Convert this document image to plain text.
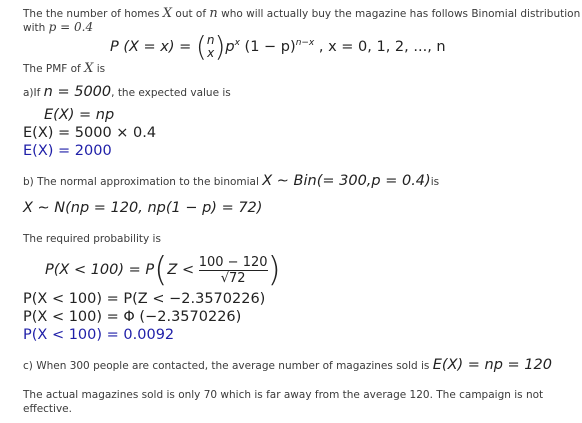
The the number of homes X out of n who will actually buy the magazine has follows Binomial distribution
with p = 0.4
P (X = x) = ( n
x )$p^x$ $(1 - p)^{n-x}$ , x = 0, 1, 2, ..., n
The PMF of X is
a)If n = 5000, the expected value is
E(X) = np
E(X) = 5000 × 0.4
E(X) = 2000
b) The normal approximation to the binomial X ∼ Bin(= 300,p = 0.4)is
X ∼ N(np = 120, np(1 − p) = 72)
The required probability is
$P(X < 100) = P(Z < \frac{100 - 120}{√72}$ )
P(X < 100) = P(Z < −2.3570226)
P(X < 100) = Φ (−2.3570226)
P(X < 100) = 0.0092
c) When 300 people are contacted, the average number of magazines sold is E(X) = np = 120
The actual magazines sold is only 70 which is far away from the average 120. The campaign is not
effective.
